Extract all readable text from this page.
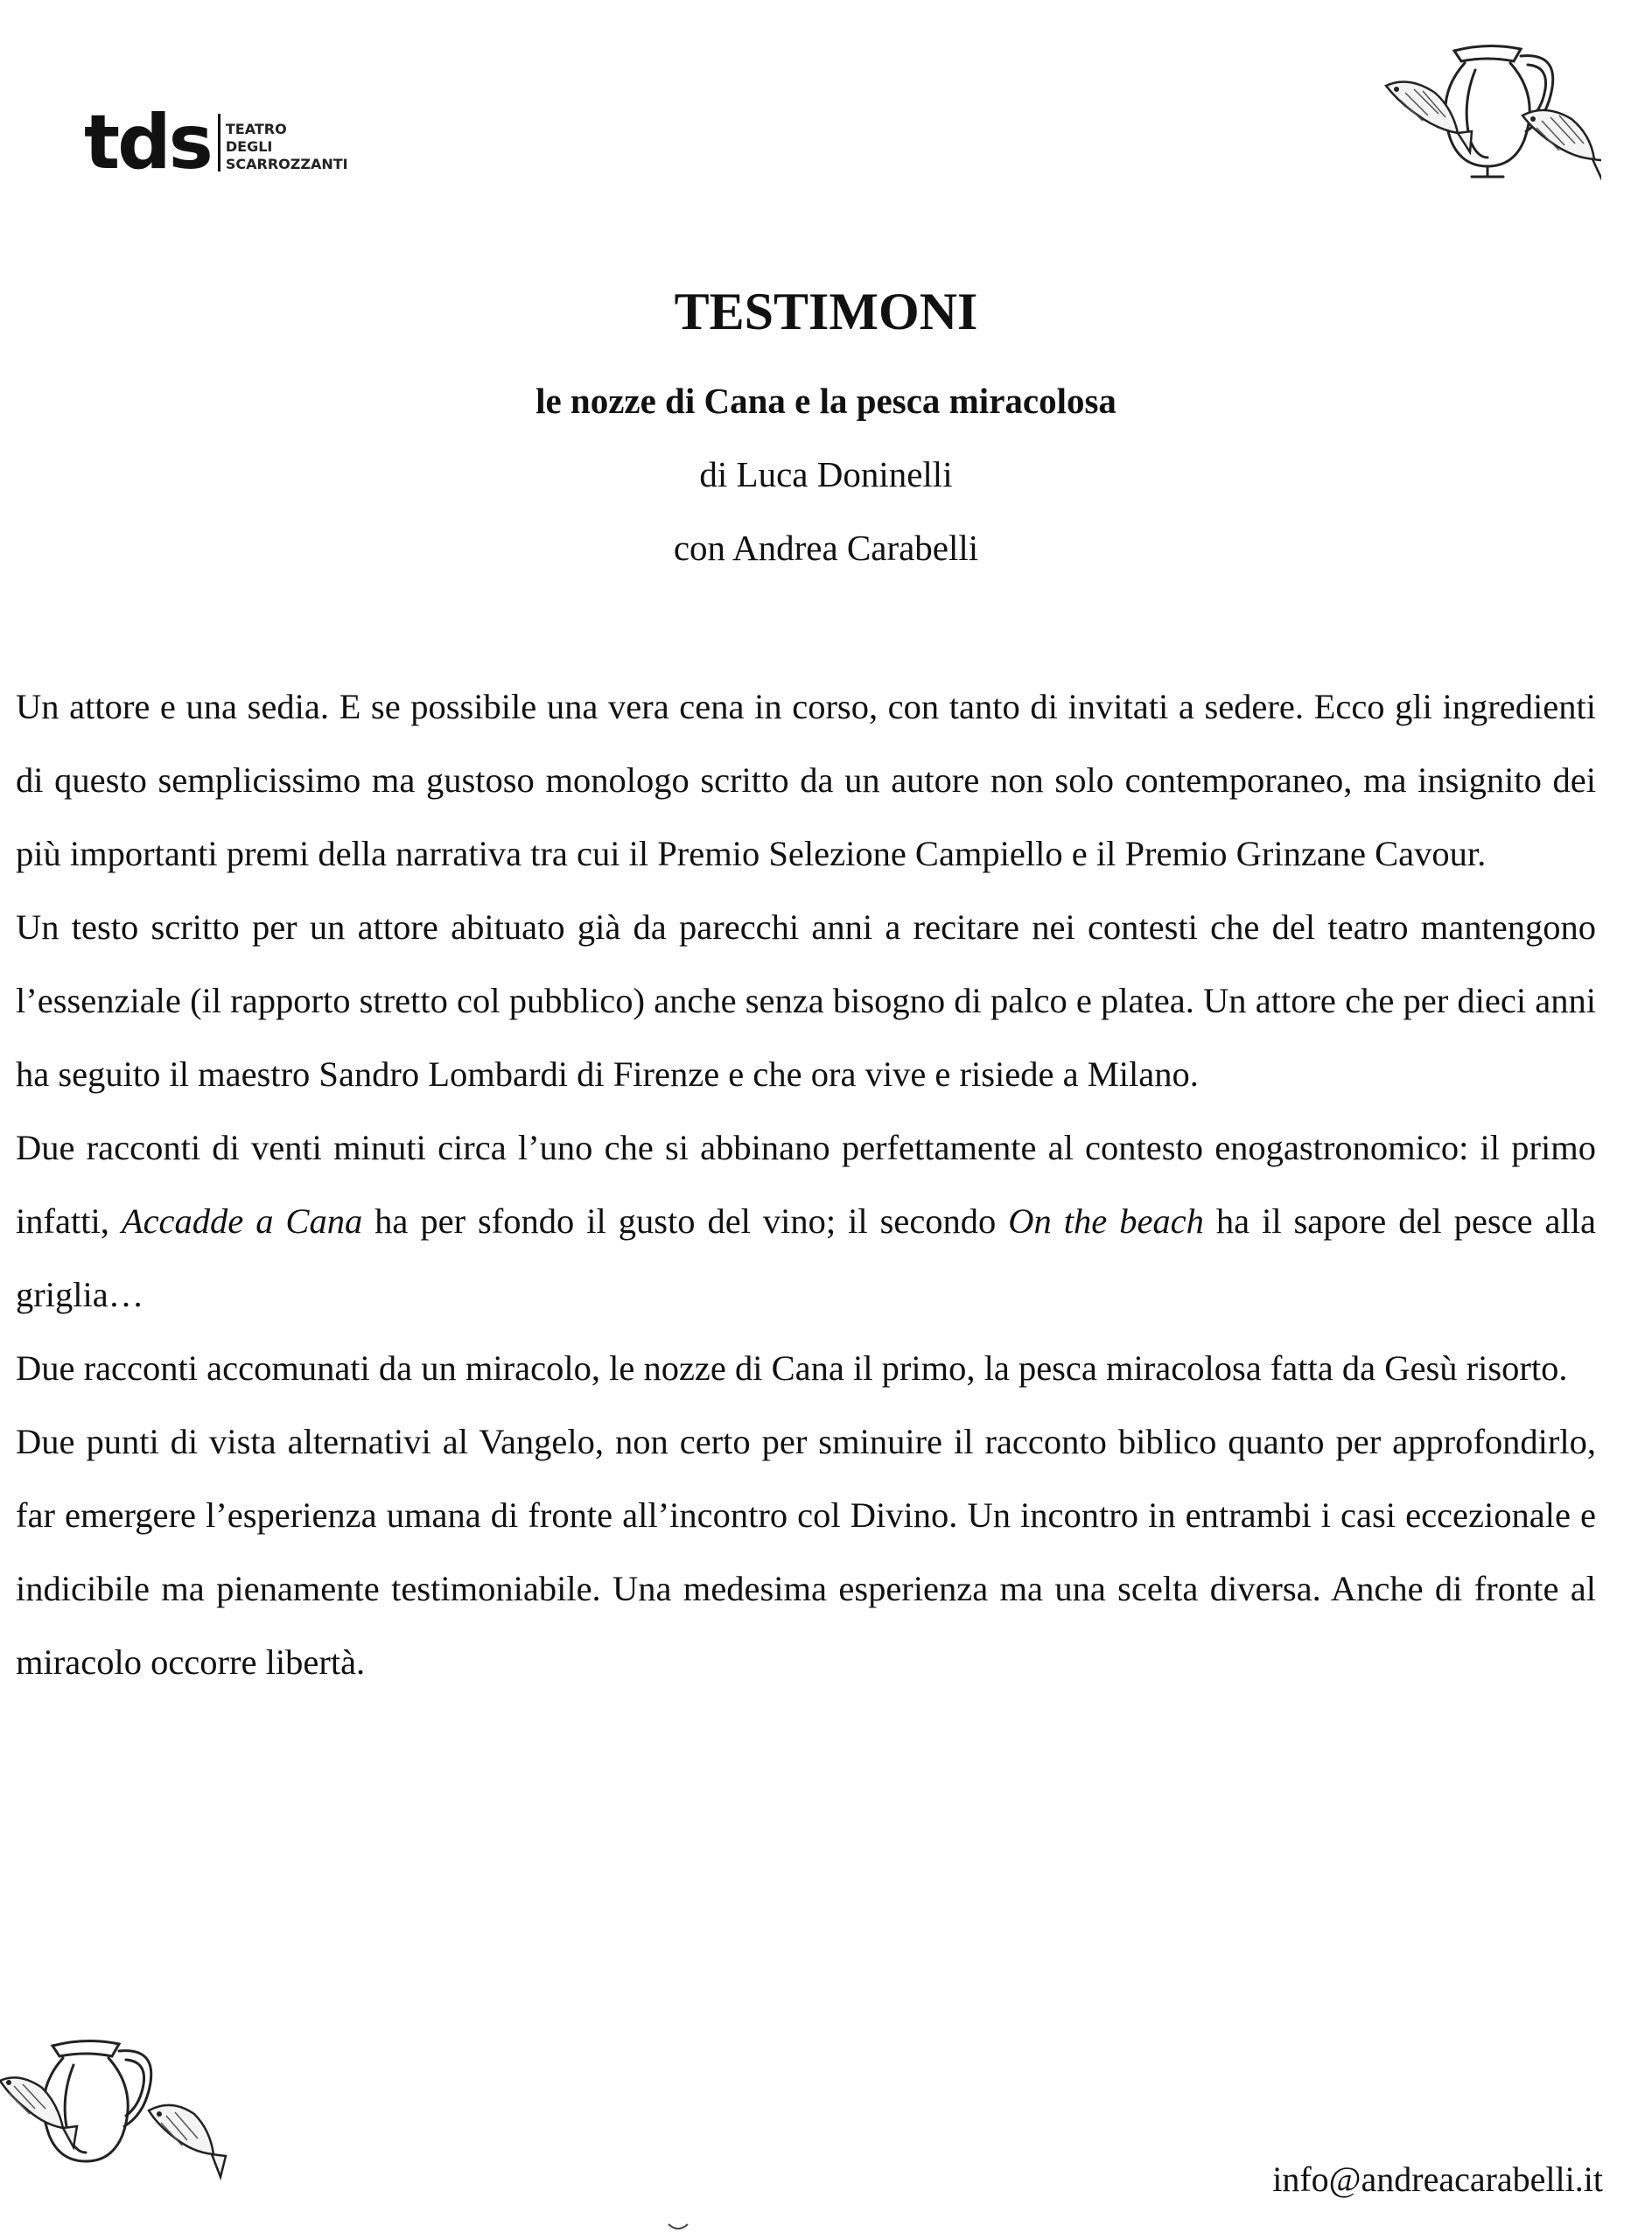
tds TEATRO
DEGLI
SCARROZZANTI
TESTIMONI
le nozze di Cana e la pesca miracolosa
di Luca Doninelli
con Andrea Carabelli

Un attore e una sedia. E se possibile una vera cena in corso, con tanto di invitati a sedere. Ecco gli ingredienti di questo semplicissimo ma gustoso monologo scritto da un autore non solo contemporaneo, ma insignito dei più importanti premi della narrativa tra cui il Premio Selezione Campiello e il Premio Grinzane Cavour.

Un testo scritto per un attore abituato già da parecchi anni a recitare nei contesti che del teatro mantengono l’essenziale (il rapporto stretto col pubblico) anche senza bisogno di palco e platea. Un attore che per dieci anni ha seguito il maestro Sandro Lombardi di Firenze e che ora vive e risiede a Milano.

Due racconti di venti minuti circa l’uno che si abbinano perfettamente al contesto enogastronomico: il primo infatti, Accadde a Cana ha per sfondo il gusto del vino; il secondo On the beach ha il sapore del pesce alla griglia…

Due racconti accomunati da un miracolo, le nozze di Cana il primo, la pesca miracolosa fatta da Gesù risorto.

Due punti di vista alternativi al Vangelo, non certo per sminuire il racconto biblico quanto per approfondirlo, far emergere l’esperienza umana di fronte all’incontro col Divino. Un incontro in entrambi i casi eccezionale e indicibile ma pienamente testimoniabile. Una medesima esperienza ma una scelta diversa. Anche di fronte al miracolo occorre libertà.

info@andreacarabelli.it
